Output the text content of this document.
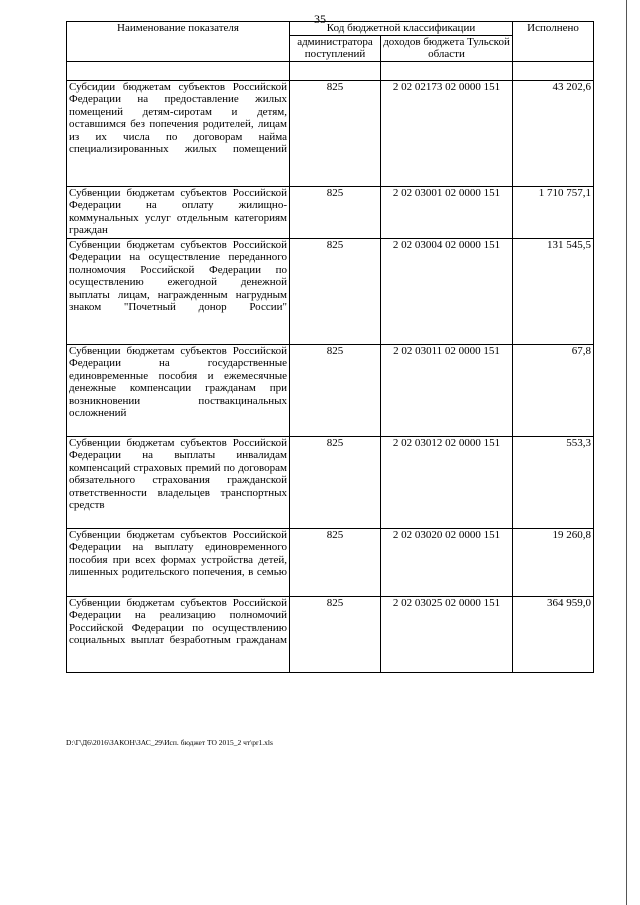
35
Наименование показателя	Код бюджетной классификации		Исполнено
	администратора поступлений	доходов бюджета Тульской области	

Субсидии бюджетам субъектов Российской Федерации на предоставление жилых помещений детям-сиротам и детям, оставшимся без попечения родителей, лицам из их числа по договорам найма специализированных жилых помещений	825	2 02 02173 02 0000 151	43 202,6
Субвенции бюджетам субъектов Российской Федерации на оплату жилищно-коммунальных услуг отдельным категориям граждан	825	2 02 03001 02 0000 151	1 710 757,1
Субвенции бюджетам субъектов Российской Федерации на осуществление переданного полномочия Российской Федерации по осуществлению ежегодной денежной выплаты лицам, награжденным нагрудным знаком "Почетный донор России"	825	2 02 03004 02 0000 151	131 545,5
Субвенции бюджетам субъектов Российской Федерации на государственные единовременные пособия и ежемесячные денежные компенсации гражданам при возникновении поствакцинальных осложнений	825	2 02 03011 02 0000 151	67,8
Субвенции бюджетам субъектов Российской Федерации на выплаты инвалидам компенсаций страховых премий по договорам обязательного страхования гражданской ответственности владельцев транспортных средств	825	2 02 03012 02 0000 151	553,3
Субвенции бюджетам субъектов Российской Федерации на выплату единовременного пособия при всех формах устройства детей, лишенных родительского попечения, в семью	825	2 02 03020 02 0000 151	19 260,8
Субвенции бюджетам субъектов Российской Федерации на реализацию полномочий Российской Федерации по осуществлению социальных выплат безработным гражданам	825	2 02 03025 02 0000 151	364 959,0
D:\Г\Д6\2016\ЗАКОН\ЗАС_29\Исп. бюджет ТО 2015_2 чт\pr1.xls
